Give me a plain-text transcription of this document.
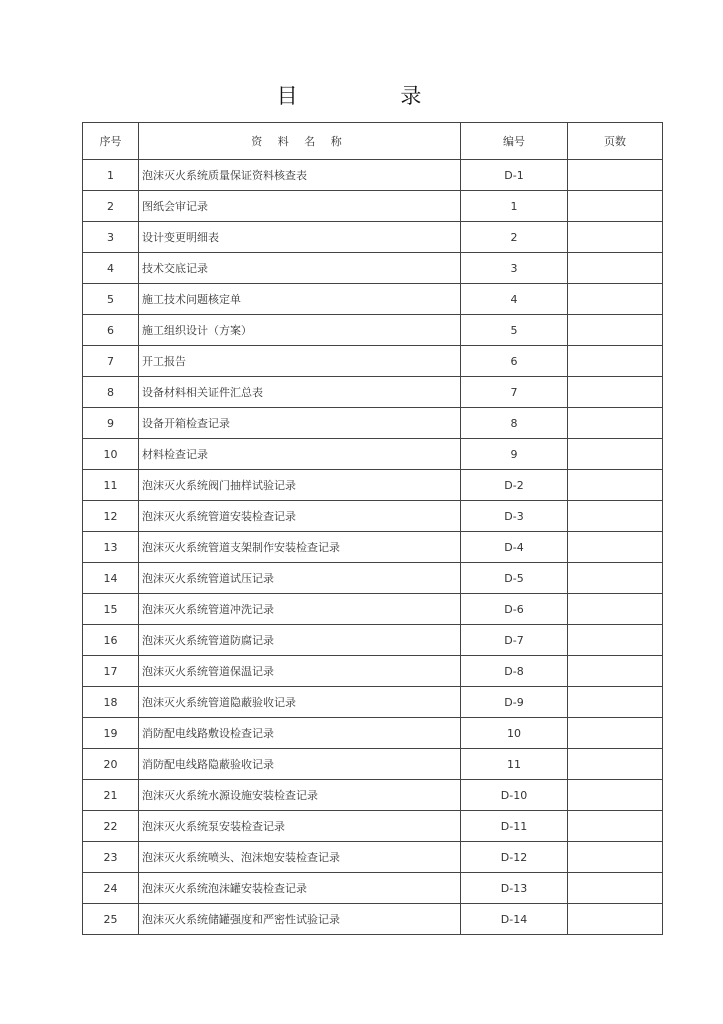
目 录
序号	资 料 名 称	编号	页数
1	泡沫灭火系统质量保证资料核查表	D-1	
2	图纸会审记录	1	
3	设计变更明细表	2	
4	技术交底记录	3	
5	施工技术问题核定单	4	
6	施工组织设计（方案）	5	
7	开工报告	6	
8	设备材料相关证件汇总表	7	
9	设备开箱检查记录	8	
10	材料检查记录	9	
11	泡沫灭火系统阀门抽样试验记录	D-2	
12	泡沫灭火系统管道安装检查记录	D-3	
13	泡沫灭火系统管道支架制作安装检查记录	D-4	
14	泡沫灭火系统管道试压记录	D-5	
15	泡沫灭火系统管道冲洗记录	D-6	
16	泡沫灭火系统管道防腐记录	D-7	
17	泡沫灭火系统管道保温记录	D-8	
18	泡沫灭火系统管道隐蔽验收记录	D-9	
19	消防配电线路敷设检查记录	10	
20	消防配电线路隐蔽验收记录	11	
21	泡沫灭火系统水源设施安装检查记录	D-10	
22	泡沫灭火系统泵安装检查记录	D-11	
23	泡沫灭火系统喷头、泡沫炮安装检查记录	D-12	
24	泡沫灭火系统泡沫罐安装检查记录	D-13	
25	泡沫灭火系统储罐强度和严密性试验记录	D-14	
